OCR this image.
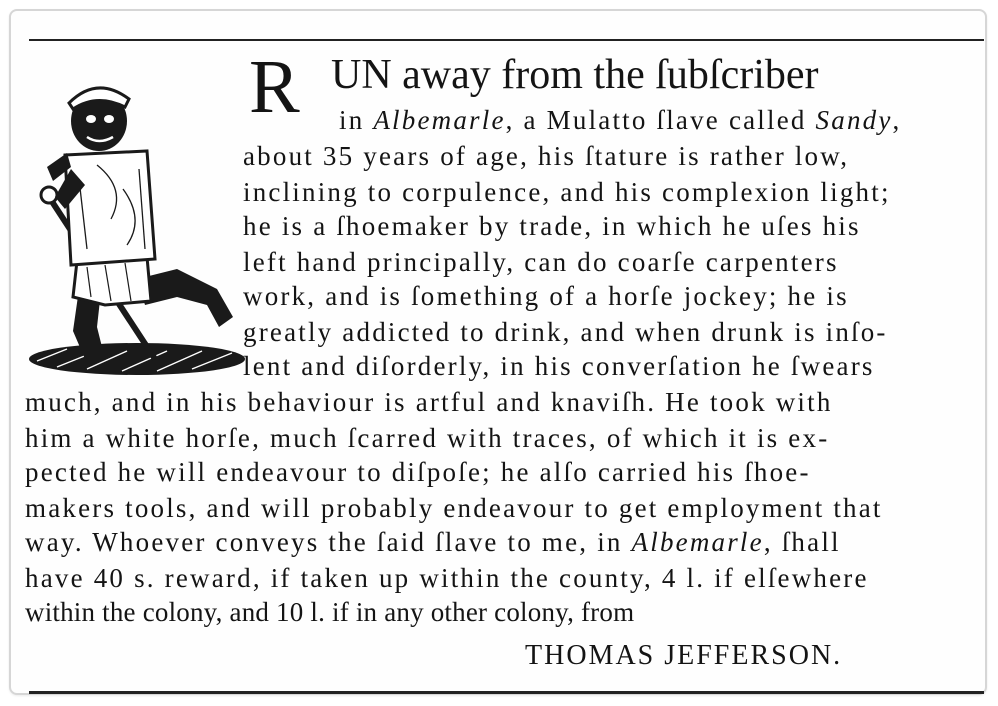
R UN away from the ſubſcriber
in Albemarle, a Mulatto ſlave called Sandy,
about 35 years of age, his ſtature is rather low,
inclining to corpulence, and his complexion light;
he is a ſhoemaker by trade, in which he uſes his
left hand principally, can do coarſe carpenters
work, and is ſomething of a horſe jockey; he is
greatly addicted to drink, and when drunk is inſo-
lent and diſorderly, in his converſation he ſwears
much, and in his behaviour is artful and knaviſh. He took with
him a white horſe, much ſcarred with traces, of which it is ex-
pected he will endeavour to diſpoſe; he alſo carried his ſhoe-
makers tools, and will probably endeavour to get employment that
way. Whoever conveys the ſaid ſlave to me, in Albemarle, ſhall
have 40 s. reward, if taken up within the county, 4 l. if elſewhere
within the colony, and 10 l. if in any other colony, from
THOMAS JEFFERSON.
